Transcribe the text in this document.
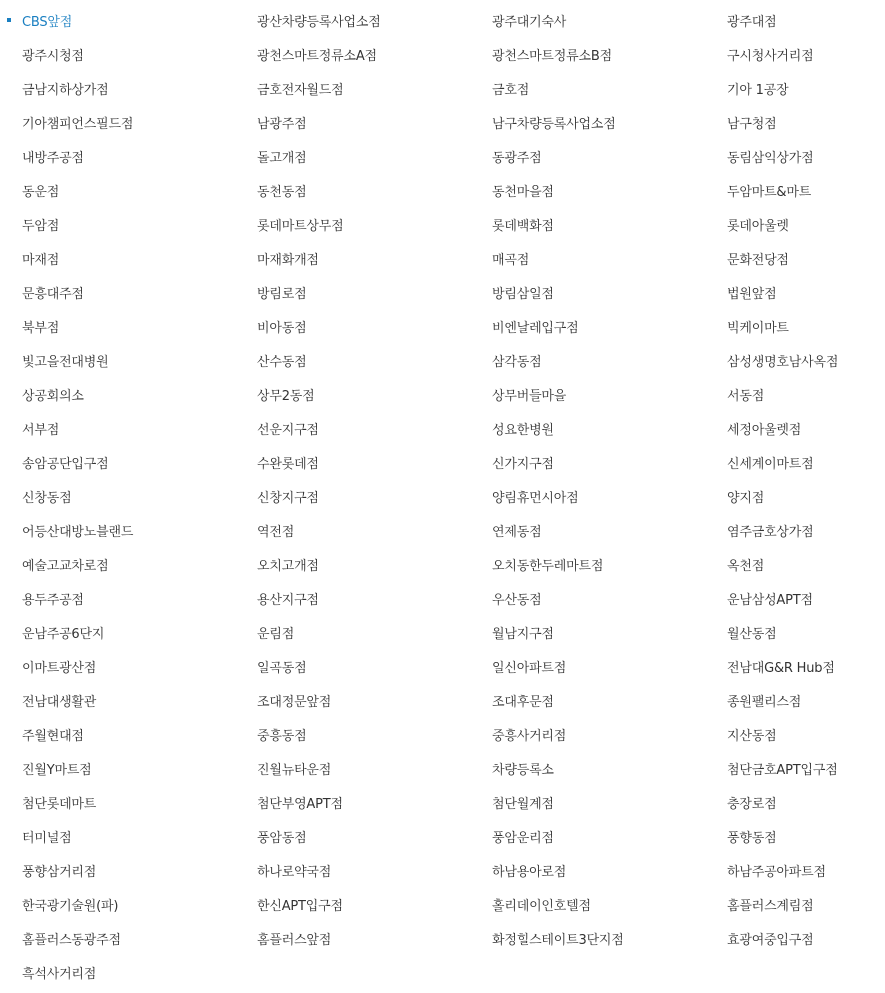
CBS앞점	광산차량등록사업소점	광주대기숙사	광주대점
광주시청점	광천스마트정류소A점	광천스마트정류소B점	구시청사거리점
금남지하상가점	금호전자월드점	금호점	기아 1공장
기아챔피언스필드점	남광주점	남구차량등록사업소점	남구청점
내방주공점	돌고개점	동광주점	동림삼익상가점
동운점	동천동점	동천마을점	두암마트&마트
두암점	롯데마트상무점	롯데백화점	롯데아울렛
마재점	마재화개점	매곡점	문화전당점
문흥대주점	방림로점	방림삼일점	법원앞점
북부점	비아동점	비엔날레입구점	빅케이마트
빛고을전대병원	산수동점	삼각동점	삼성생명호남사옥점
상공회의소	상무2동점	상무버들마을	서동점
서부점	선운지구점	성요한병원	세정아울렛점
송암공단입구점	수완롯데점	신가지구점	신세계이마트점
신창동점	신창지구점	양림휴먼시아점	양지점
어등산대방노블랜드	역전점	연제동점	염주금호상가점
예술고교차로점	오치고개점	오치동한두레마트점	옥천점
용두주공점	용산지구점	우산동점	운남삼성APT점
운남주공6단지	운림점	월남지구점	월산동점
이마트광산점	일곡동점	일신아파트점	전남대G&R Hub점
전남대생활관	조대정문앞점	조대후문점	종원팰리스점
주월현대점	중흥동점	중흥사거리점	지산동점
진월Y마트점	진월뉴타운점	차량등록소	첨단금호APT입구점
첨단롯데마트	첨단부영APT점	첨단월계점	충장로점
터미널점	풍암동점	풍암운리점	풍향동점
풍향삼거리점	하나로약국점	하남용아로점	하남주공아파트점
한국광기술원(파)	한신APT입구점	홀리데이인호텔점	홈플러스계림점
홈플러스동광주점	홈플러스앞점	화정힐스테이트3단지점	효광여중입구점
흑석사거리점
